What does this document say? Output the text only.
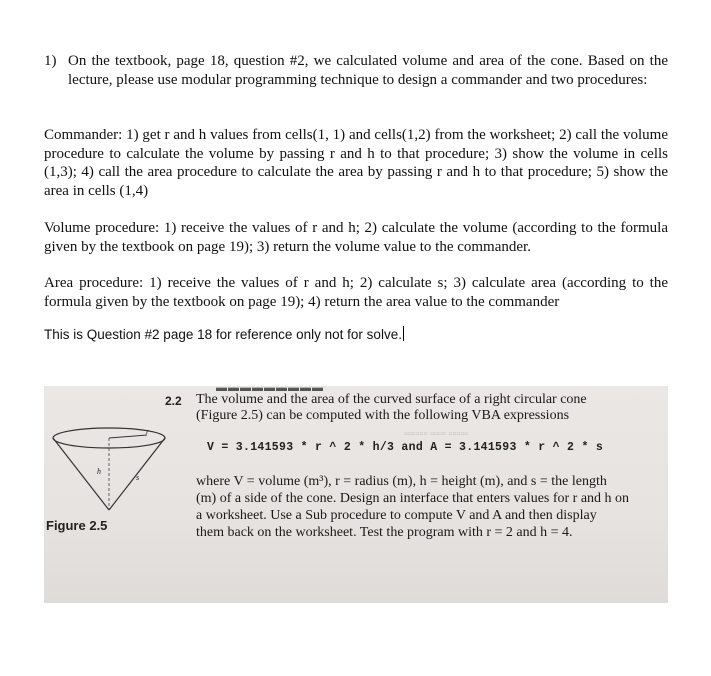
1) On the textbook, page 18, question #2, we calculated volume and area of the cone. Based on the lecture, please use modular programming technique to design a commander and two procedures:
Commander: 1) get r and h values from cells(1, 1) and cells(1,2) from the worksheet; 2) call the volume procedure to calculate the volume by passing r and h to that procedure; 3) show the volume in cells (1,3); 4) call the area procedure to calculate the area by passing r and h to that procedure; 5) show the area in cells (1,4)
Volume procedure: 1) receive the values of r and h; 2) calculate the volume (according to the formula given by the textbook on page 19); 3) return the volume value to the commander.
Area procedure: 1) receive the values of r and h; 2) calculate s; 3) calculate area (according to the formula given by the textbook on page 19); 4) return the area value to the commander
This is Question #2 page 18 for reference only not for solve.
▬▬▬▬▬▬▬▬▬
▫▫▫▫▫▫ ▫▫▫▫ ▫▫▫▫▫
2.2 The volume and the area of the curved surface of a right circular cone
(Figure 2.5) can be computed with the following VBA expressions
V = 3.141593 * r ^ 2 * h/3 and A = 3.141593 * r ^ 2 * s
where V = volume (m³), r = radius (m), h = height (m), and s = the length
(m) of a side of the cone. Design an interface that enters values for r and h on
a worksheet. Use a Sub procedure to compute V and A and then display
them back on the worksheet. Test the program with r = 2 and h = 4.
r
h
s
Figure 2.5
